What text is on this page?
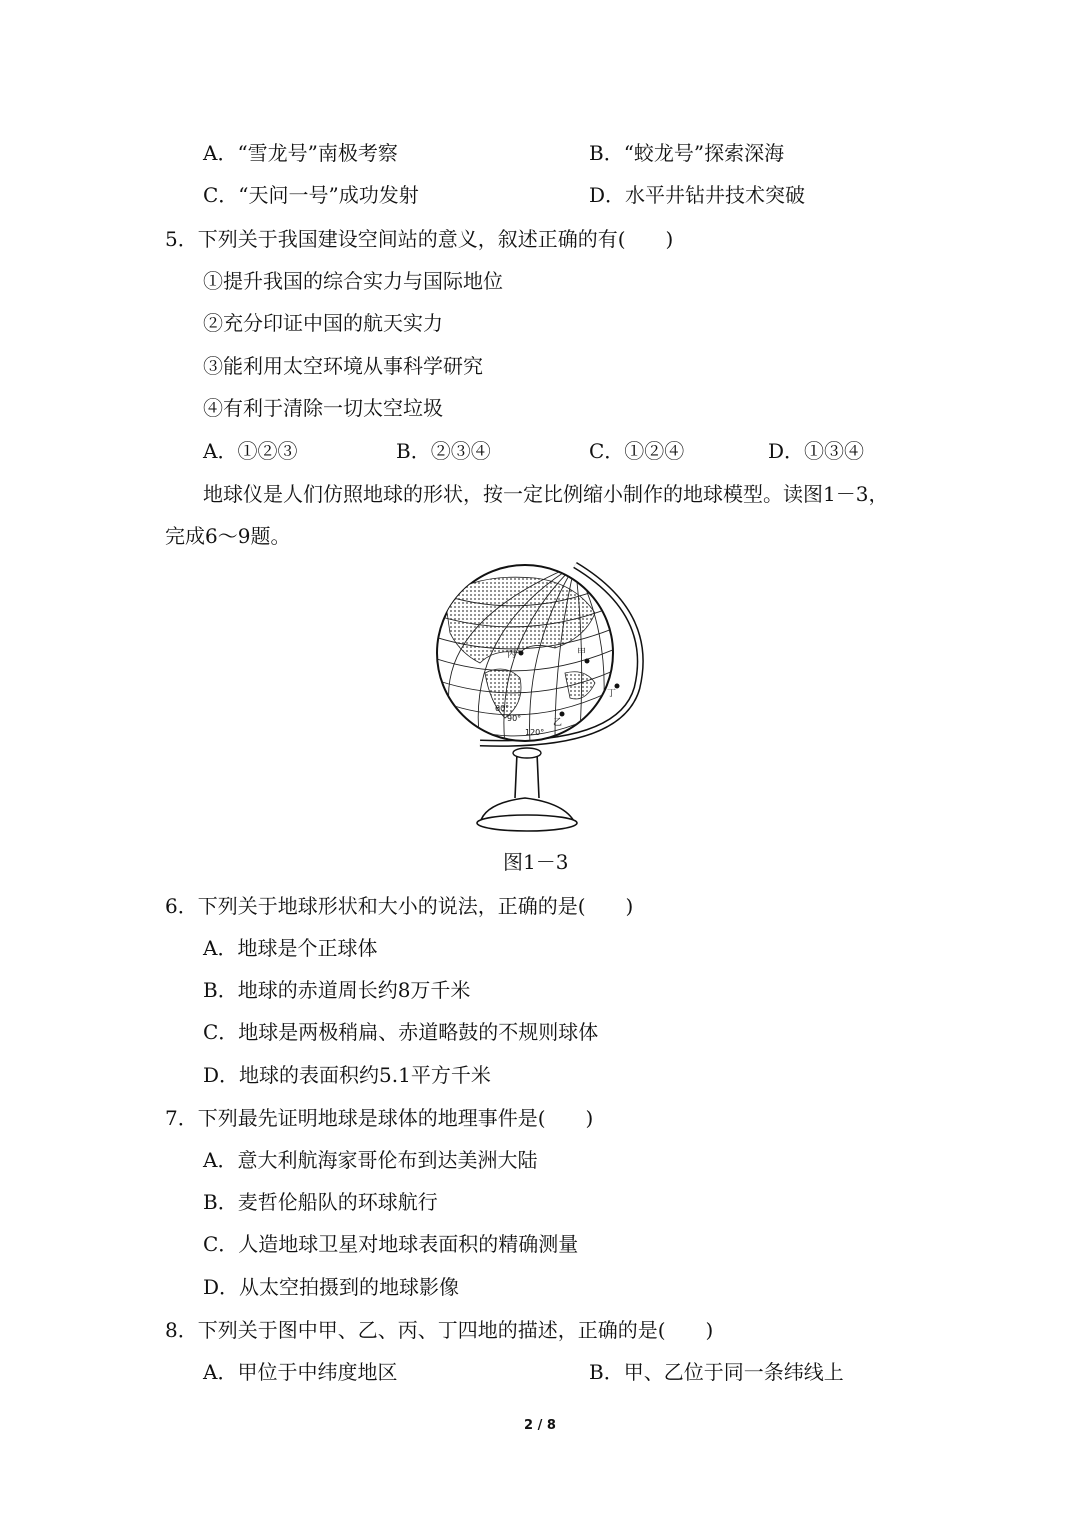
A．“雪龙号”南极考察	B．“蛟龙号”探索深海
C．“天问一号”成功发射	D．水平井钻井技术突破
5．下列关于我国建设空间站的意义，叙述正确的有(　　)
①提升我国的综合实力与国际地位
②充分印证中国的航天实力
③能利用太空环境从事科学研究
④有利于清除一切太空垃圾
A．①②③	B．②③④	C．①②④	D．①③④
地球仪是人们仿照地球的形状，按一定比例缩小制作的地球模型。读图1－3，
完成6～9题。
丙	甲
乙
丁
60°
90°
120°
图1－3
6．下列关于地球形状和大小的说法，正确的是(　　)
A．地球是个正球体
B．地球的赤道周长约8万千米
C．地球是两极稍扁、赤道略鼓的不规则球体
D．地球的表面积约5.1平方千米
7．下列最先证明地球是球体的地理事件是(　　)
A．意大利航海家哥伦布到达美洲大陆
B．麦哲伦船队的环球航行
C．人造地球卫星对地球表面积的精确测量
D．从太空拍摄到的地球影像
8．下列关于图中甲、乙、丙、丁四地的描述，正确的是(　　)
A．甲位于中纬度地区	B．甲、乙位于同一条纬线上
2 / 8
